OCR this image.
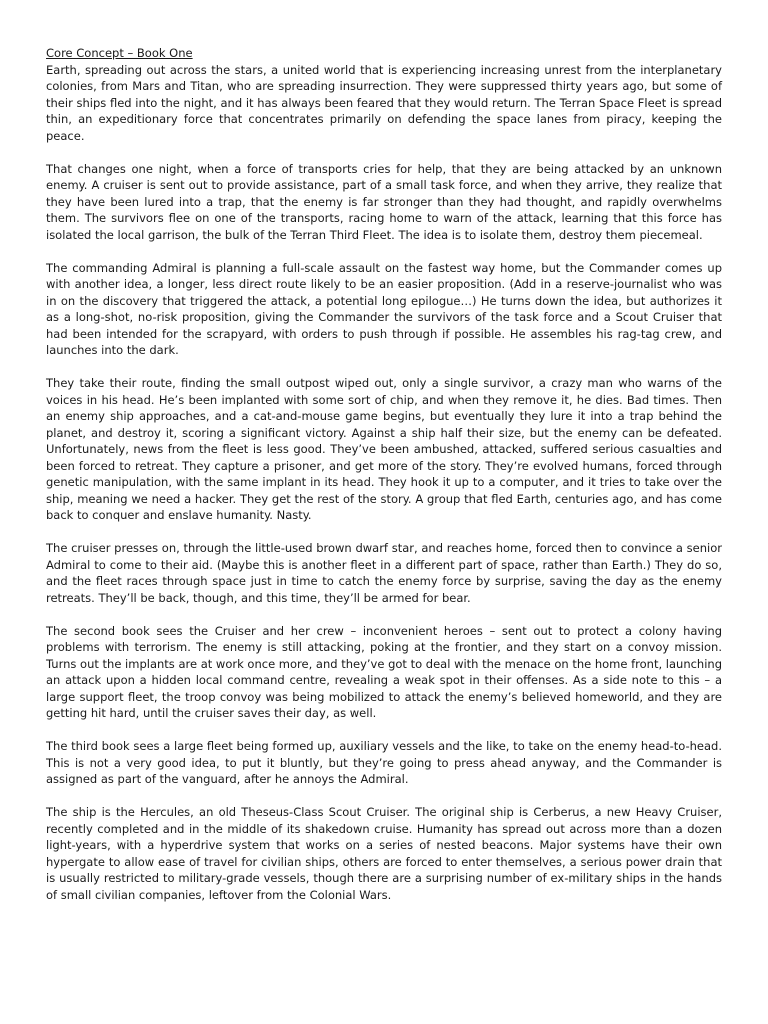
Core Concept – Book One

Earth, spreading out across the stars, a united world that is experiencing increasing unrest from the interplanetary colonies, from Mars and Titan, who are spreading insurrection. They were suppressed thirty years ago, but some of their ships fled into the night, and it has always been feared that they would return. The Terran Space Fleet is spread thin, an expeditionary force that concentrates primarily on defending the space lanes from piracy, keeping the peace.

That changes one night, when a force of transports cries for help, that they are being attacked by an unknown enemy. A cruiser is sent out to provide assistance, part of a small task force, and when they arrive, they realize that they have been lured into a trap, that the enemy is far stronger than they had thought, and rapidly overwhelms them. The survivors flee on one of the transports, racing home to warn of the attack, learning that this force has isolated the local garrison, the bulk of the Terran Third Fleet. The idea is to isolate them, destroy them piecemeal.

The commanding Admiral is planning a full-scale assault on the fastest way home, but the Commander comes up with another idea, a longer, less direct route likely to be an easier proposition. (Add in a reserve-journalist who was in on the discovery that triggered the attack, a potential long epilogue…) He turns down the idea, but authorizes it as a long-shot, no-risk proposition, giving the Commander the survivors of the task force and a Scout Cruiser that had been intended for the scrapyard, with orders to push through if possible. He assembles his rag-tag crew, and launches into the dark.

They take their route, finding the small outpost wiped out, only a single survivor, a crazy man who warns of the voices in his head. He’s been implanted with some sort of chip, and when they remove it, he dies. Bad times. Then an enemy ship approaches, and a cat-and-mouse game begins, but eventually they lure it into a trap behind the planet, and destroy it, scoring a significant victory. Against a ship half their size, but the enemy can be defeated. Unfortunately, news from the fleet is less good. They’ve been ambushed, attacked, suffered serious casualties and been forced to retreat. They capture a prisoner, and get more of the story. They’re evolved humans, forced through genetic manipulation, with the same implant in its head. They hook it up to a computer, and it tries to take over the ship, meaning we need a hacker. They get the rest of the story. A group that fled Earth, centuries ago, and has come back to conquer and enslave humanity. Nasty.

The cruiser presses on, through the little-used brown dwarf star, and reaches home, forced then to convince a senior Admiral to come to their aid. (Maybe this is another fleet in a different part of space, rather than Earth.) They do so, and the fleet races through space just in time to catch the enemy force by surprise, saving the day as the enemy retreats. They’ll be back, though, and this time, they’ll be armed for bear.

The second book sees the Cruiser and her crew – inconvenient heroes – sent out to protect a colony having problems with terrorism. The enemy is still attacking, poking at the frontier, and they start on a convoy mission. Turns out the implants are at work once more, and they’ve got to deal with the menace on the home front, launching an attack upon a hidden local command centre, revealing a weak spot in their offenses. As a side note to this – a large support fleet, the troop convoy was being mobilized to attack the enemy’s believed homeworld, and they are getting hit hard, until the cruiser saves their day, as well.

The third book sees a large fleet being formed up, auxiliary vessels and the like, to take on the enemy head-to-head. This is not a very good idea, to put it bluntly, but they’re going to press ahead anyway, and the Commander is assigned as part of the vanguard, after he annoys the Admiral.

The ship is the Hercules, an old Theseus-Class Scout Cruiser. The original ship is Cerberus, a new Heavy Cruiser, recently completed and in the middle of its shakedown cruise. Humanity has spread out across more than a dozen light-years, with a hyperdrive system that works on a series of nested beacons. Major systems have their own hypergate to allow ease of travel for civilian ships, others are forced to enter themselves, a serious power drain that is usually restricted to military-grade vessels, though there are a surprising number of ex-military ships in the hands of small civilian companies, leftover from the Colonial Wars.
